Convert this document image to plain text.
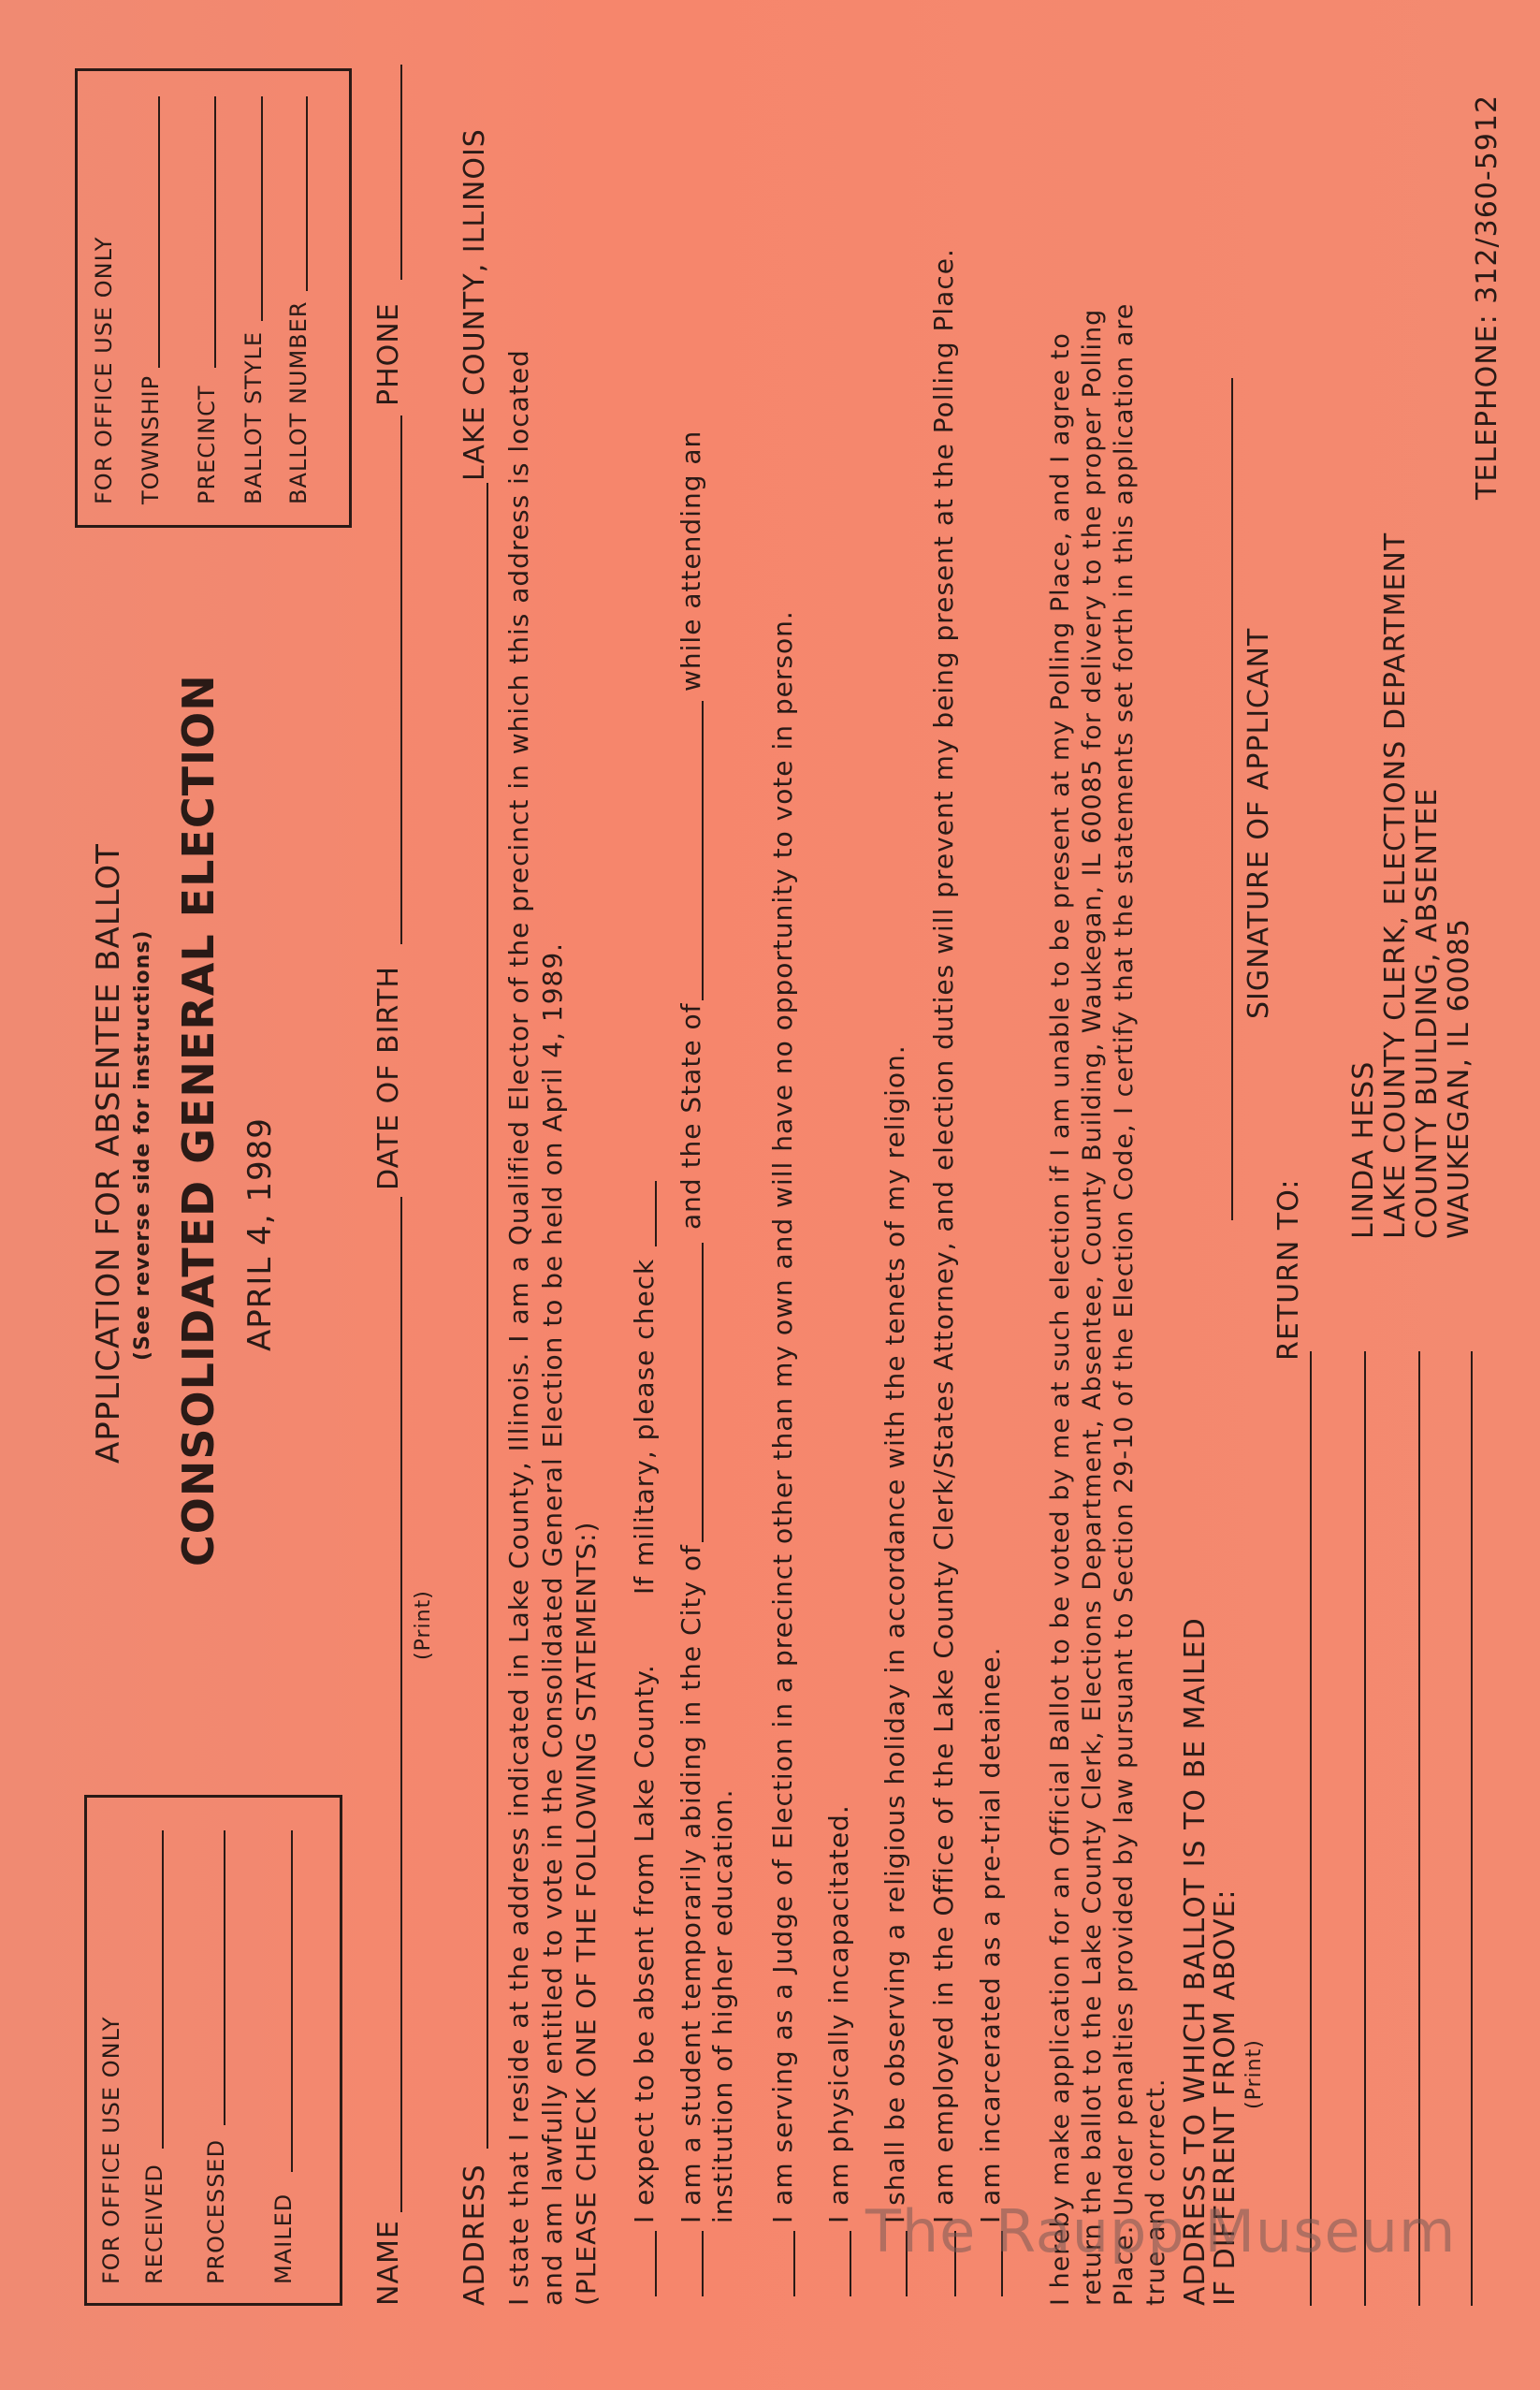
FOR OFFICE USE ONLY RECEIVED PROCESSED MAILED
APPLICATION FOR ABSENTEE BALLOT (See reverse side for instructions) CONSOLIDATED GENERAL ELECTION APRIL 4, 1989
FOR OFFICE USE ONLY TOWNSHIP PRECINCT BALLOT STYLE BALLOT NUMBER
NAME
DATE OF BIRTH
PHONE
(Print)
ADDRESS
LAKE COUNTY, ILLINOIS
I state that I reside at the address indicated in Lake County, Illinois. I am a Qualified Elector of the precinct in which this address is located and am lawfully entitled to vote in the Consolidated General Election to be held on April 4, 1989. (PLEASE CHECK ONE OF THE FOLLOWING STATEMENTS:) I expect to be absent from Lake County.
If military, please check
I am a student temporarily abiding in the City of
and the State of
while attending an
institution of higher education. I am serving as a Judge of Election in a precinct other than my own and will have no opportunity to vote in person. I am physically incapacitated. I shall be observing a religious holiday in accordance with the tenets of my religion. I am employed in the Office of the Lake County Clerk/States Attorney, and election duties will prevent my being present at the Polling Place. I am incarcerated as a pre-trial detainee. I hereby make application for an Official Ballot to be voted by me at such election if I am unable to be present at my Polling Place, and I agree to return the ballot to the Lake County Clerk, Elections Department, Absentee, County Building, Waukegan, IL 60085 for delivery to the proper Polling Place. Under penalties provided by law pursuant to Section 29-10 of the Election Code, I certify that the statements set forth in this application are true and correct. ADDRESS TO WHICH BALLOT IS TO BE MAILED
IF DIFFERENT FROM ABOVE: (Print)
SIGNATURE OF APPLICANT
RETURN TO:
LINDA HESS LAKE COUNTY CLERK, ELECTIONS DEPARTMENT COUNTY BUILDING, ABSENTEE WAUKEGAN, IL 60085
TELEPHONE: 312/360-5912
The Raupp Museum
